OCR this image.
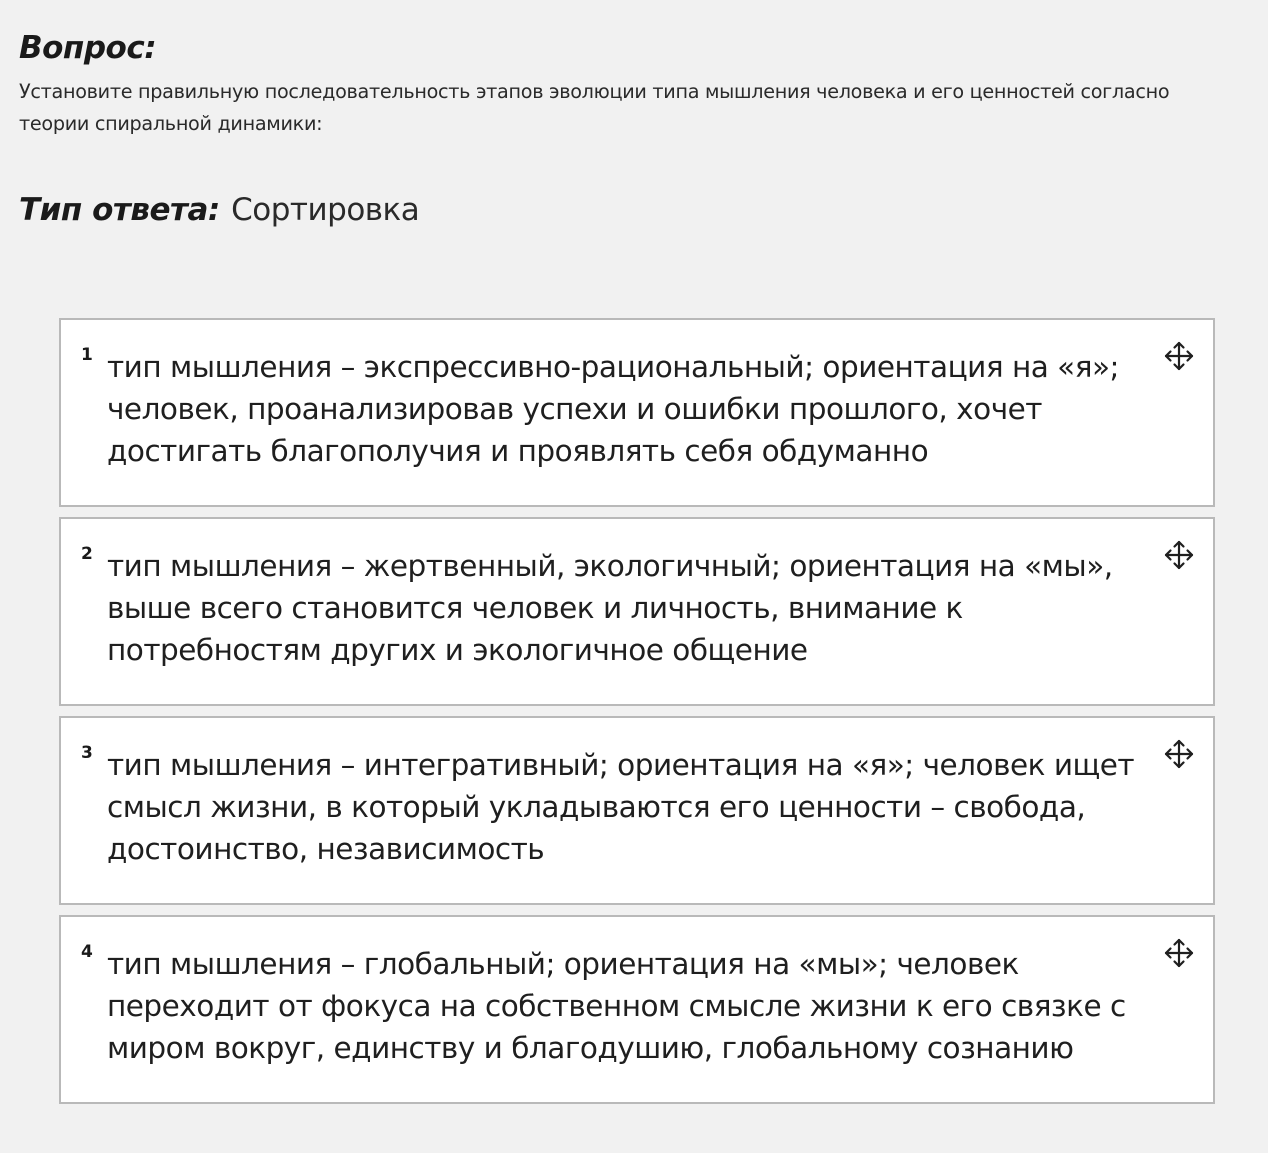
Вопрос:

Установите правильную последовательность этапов эволюции типа мышления человека и его ценностей согласно теории спиральной динамики:

Тип ответа: Сортировка

1 тип мышления – экспрессивно-рациональный; ориентация на «я»; человек, проанализировав успехи и ошибки прошлого, хочет достигать благополучия и проявлять себя обдуманно

2 тип мышления – жертвенный, экологичный; ориентация на «мы», выше всего становится человек и личность, внимание к потребностям других и экологичное общение

3 тип мышления – интегративный; ориентация на «я»; человек ищет смысл жизни, в который укладываются его ценности – свобода, достоинство, независимость

4 тип мышления – глобальный; ориентация на «мы»; человек переходит от фокуса на собственном смысле жизни к его связке с миром вокруг, единству и благодушию, глобальному сознанию
